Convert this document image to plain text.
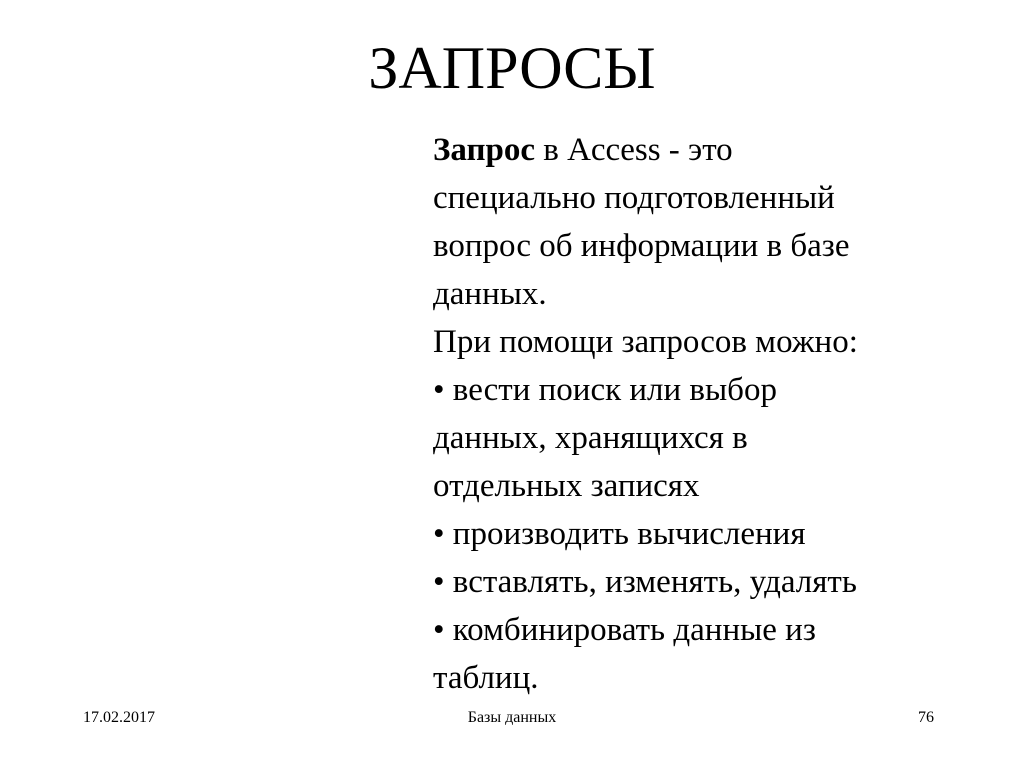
ЗАПРОСЫ
Запрос в Access - это
специально подготовленный
вопрос об информации в базе
данных.
При помощи запросов можно:
• вести поиск или выбор
данных, хранящихся в
отдельных записях
• производить вычисления
• вставлять, изменять, удалять
• комбинировать данные из
таблиц.
17.02.2017	Базы данных	76
